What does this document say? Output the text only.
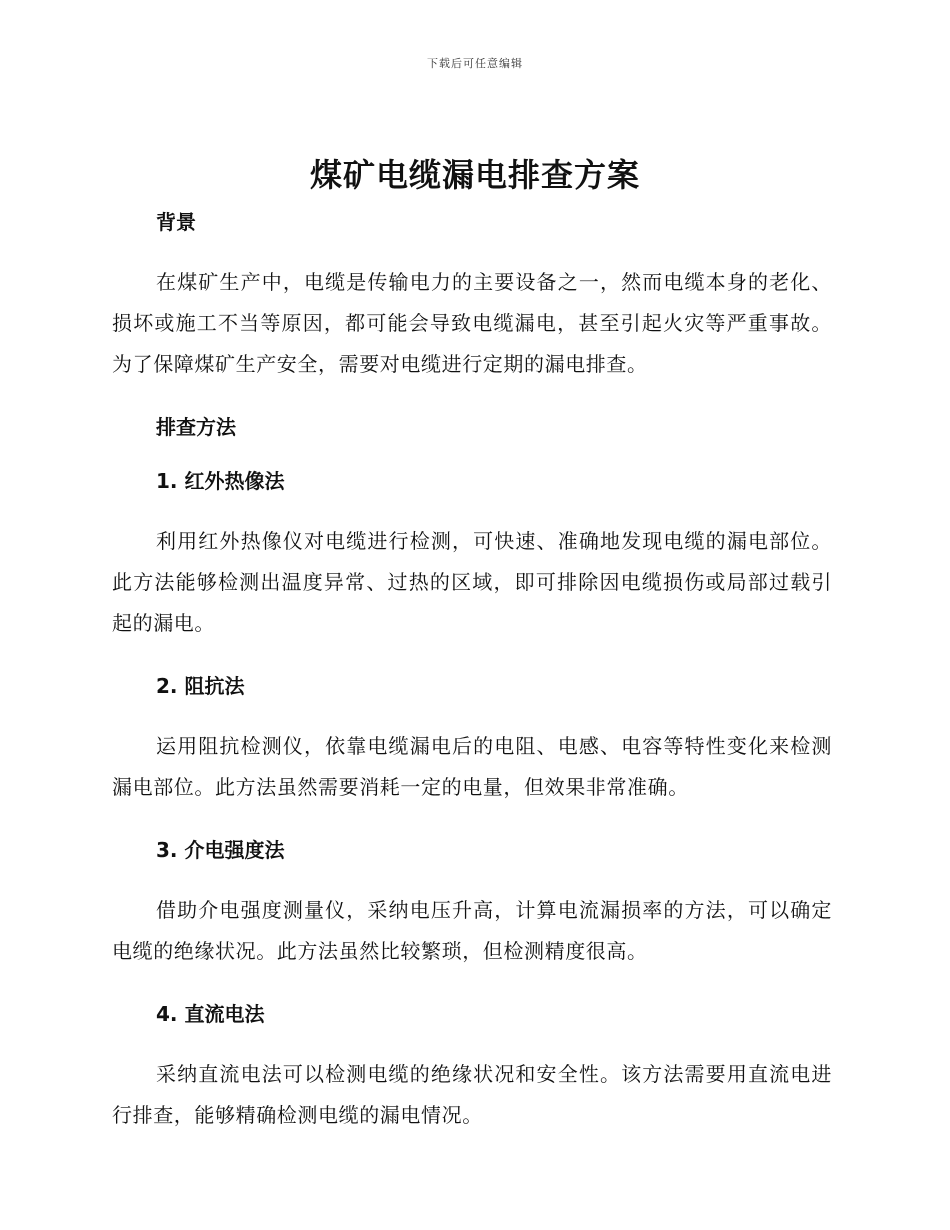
下载后可任意编辑
煤矿电缆漏电排查方案

背景

在煤矿生产中，电缆是传输电力的主要设备之一，然而电缆本身的老化、损坏或施工不当等原因，都可能会导致电缆漏电，甚至引起火灾等严重事故。为了保障煤矿生产安全，需要对电缆进行定期的漏电排查。

排查方法

1. 红外热像法

利用红外热像仪对电缆进行检测，可快速、准确地发现电缆的漏电部位。此方法能够检测出温度异常、过热的区域，即可排除因电缆损伤或局部过载引起的漏电。

2. 阻抗法

运用阻抗检测仪，依靠电缆漏电后的电阻、电感、电容等特性变化来检测漏电部位。此方法虽然需要消耗一定的电量，但效果非常准确。

3. 介电强度法

借助介电强度测量仪，采纳电压升高，计算电流漏损率的方法，可以确定电缆的绝缘状况。此方法虽然比较繁琐，但检测精度很高。

4. 直流电法

采纳直流电法可以检测电缆的绝缘状况和安全性。该方法需要用直流电进行排查，能够精确检测电缆的漏电情况。
